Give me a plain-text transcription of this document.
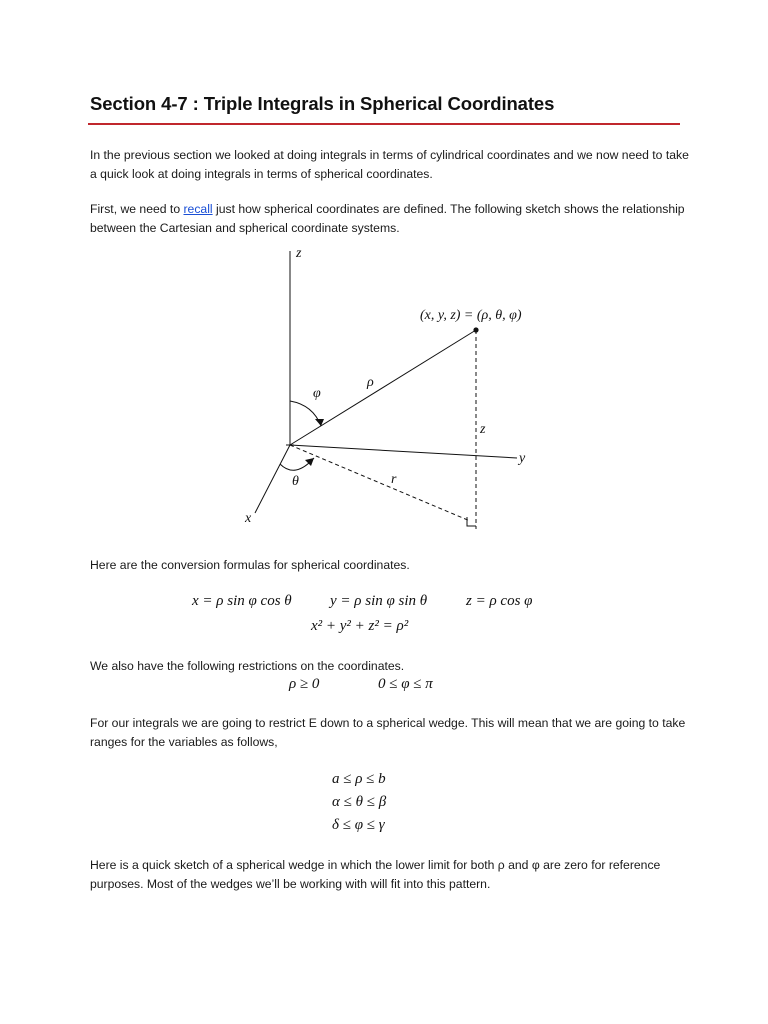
Section 4-7 : Triple Integrals in Spherical Coordinates
In the previous section we looked at doing integrals in terms of cylindrical coordinates and we now need to take a quick look at doing integrals in terms of spherical coordinates.
First, we need to recall just how spherical coordinates are defined. The following sketch shows the relationship between the Cartesian and spherical coordinate systems.
z
y
x
(x, y, z) = (ρ, θ, φ)
ρ
φ
θ	r
z
Here are the conversion formulas for spherical coordinates.
x = ρ sin φ cos θ	y = ρ sin φ sin θ	z = ρ cos φ
x² + y² + z² = ρ²
We also have the following restrictions on the coordinates.
ρ ≥ 0	0 ≤ φ ≤ π
For our integrals we are going to restrict E down to a spherical wedge. This will mean that we are going to take ranges for the variables as follows,
a ≤ ρ ≤ b
α ≤ θ ≤ β
δ ≤ φ ≤ γ
Here is a quick sketch of a spherical wedge in which the lower limit for both ρ and φ are zero for reference purposes. Most of the wedges we’ll be working with will fit into this pattern.
